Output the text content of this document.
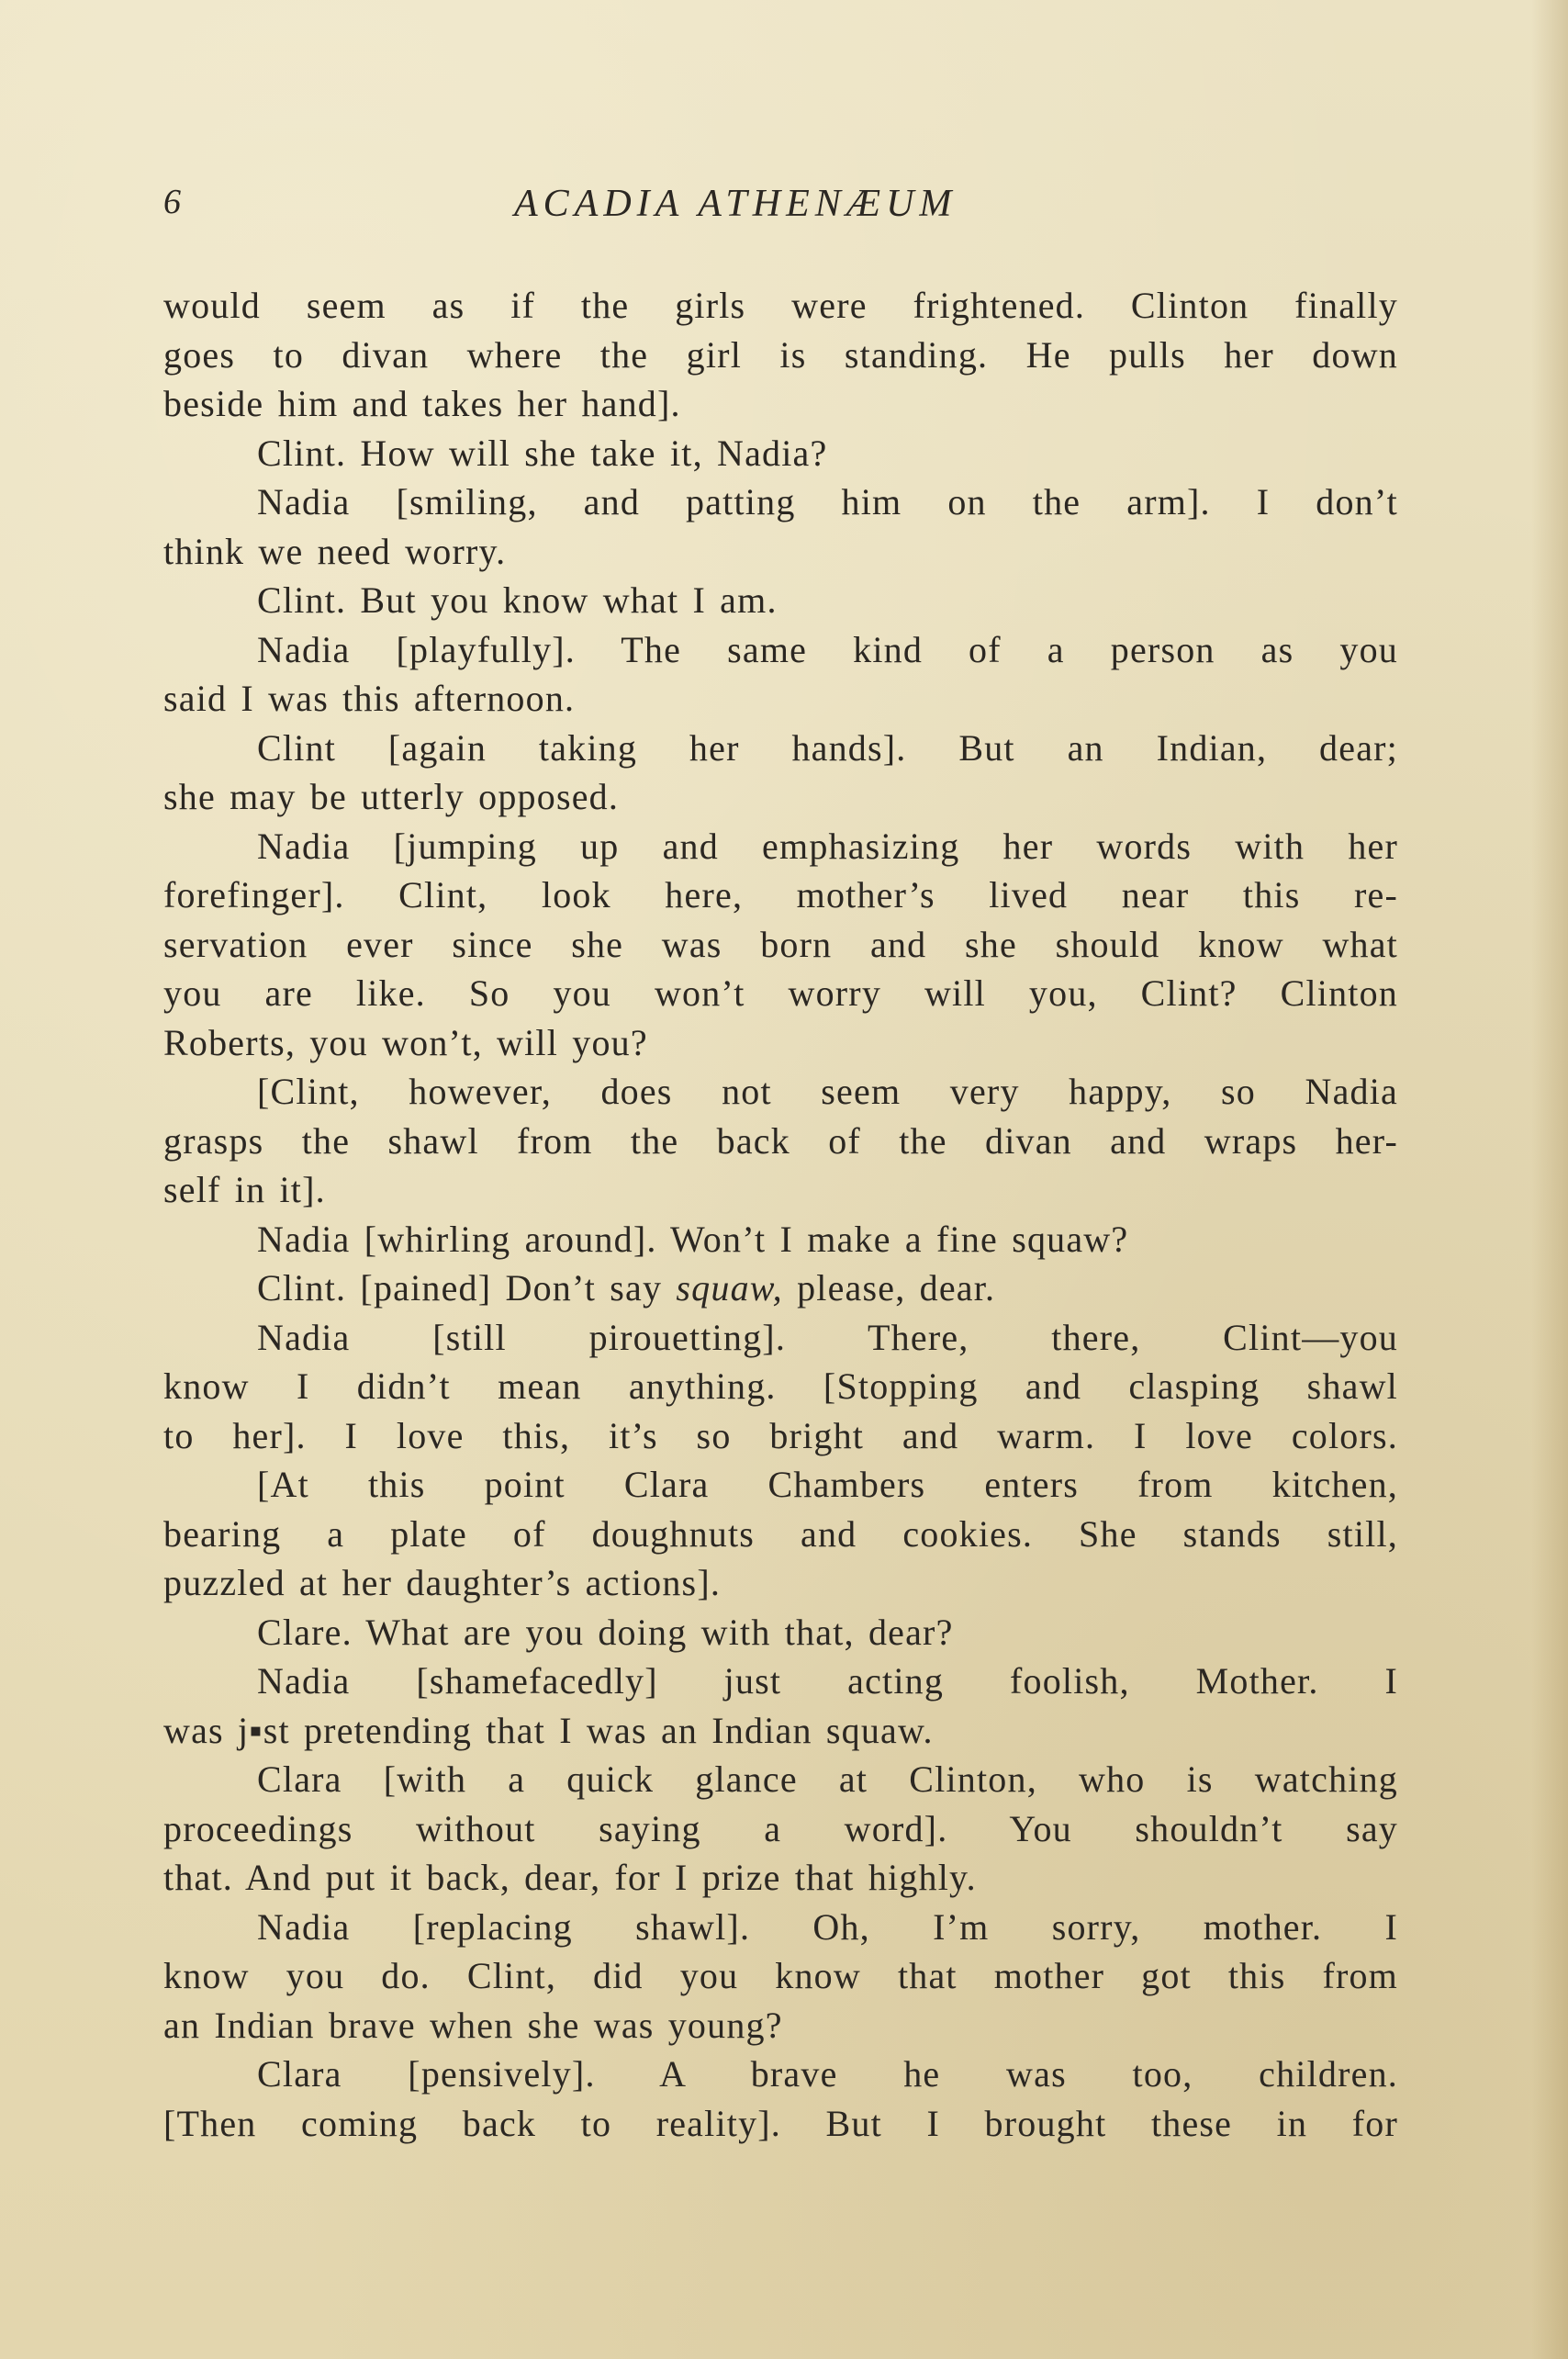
6	ACADIA ATHENÆUM
would seem as if the girls were frightened. Clinton finally
goes to divan where the girl is standing. He pulls her down
beside him and takes her hand].
Clint. How will she take it, Nadia?
Nadia [smiling, and patting him on the arm]. I don’t
think we need worry.
Clint. But you know what I am.
Nadia [playfully]. The same kind of a person as you
said I was this afternoon.
Clint [again taking her hands]. But an Indian, dear;
she may be utterly opposed.
Nadia [jumping up and emphasizing her words with her
forefinger]. Clint, look here, mother’s lived near this re-
servation ever since she was born and she should know what
you are like. So you won’t worry will you, Clint? Clinton
Roberts, you won’t, will you?
[Clint, however, does not seem very happy, so Nadia
grasps the shawl from the back of the divan and wraps her-
self in it].
Nadia [whirling around]. Won’t I make a fine squaw?
Clint. [pained] Don’t say squaw, please, dear.
Nadia [still pirouetting]. There, there, Clint—you
know I didn’t mean anything. [Stopping and clasping shawl
to her]. I love this, it’s so bright and warm. I love colors.
[At this point Clara Chambers enters from kitchen,
bearing a plate of doughnuts and cookies. She stands still,
puzzled at her daughter’s actions].
Clare. What are you doing with that, dear?
Nadia [shamefacedly] just acting foolish, Mother. I
was j▪st pretending that I was an Indian squaw.
Clara [with a quick glance at Clinton, who is watching
proceedings without saying a word]. You shouldn’t say
that. And put it back, dear, for I prize that highly.
Nadia [replacing shawl]. Oh, I’m sorry, mother. I
know you do. Clint, did you know that mother got this from
an Indian brave when she was young?
Clara [pensively]. A brave he was too, children.
[Then coming back to reality]. But I brought these in for
